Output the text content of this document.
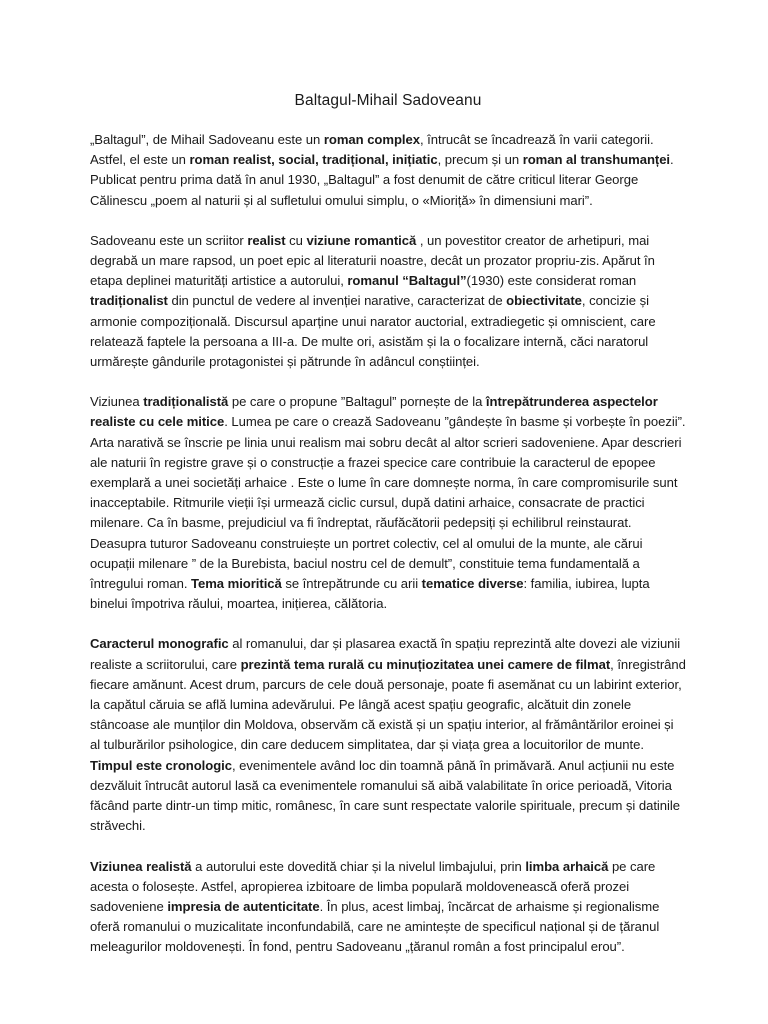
Baltagul-Mihail Sadoveanu

„Baltagul”, de Mihail Sadoveanu este un roman complex, întrucât se încadrează în varii categorii. Astfel, el este un roman realist, social, tradițional, inițiatic, precum și un roman al transhumanței. Publicat pentru prima dată în anul 1930, „Baltagul” a fost denumit de către criticul literar George Călinescu „poem al naturii și al sufletului omului simplu, o «Mioriță» în dimensiuni mari”.

Sadoveanu este un scriitor realist cu viziune romantică , un povestitor creator de arhetipuri, mai degrabă un mare rapsod, un poet epic al literaturii noastre, decât un prozator propriu-zis. Apărut în etapa deplinei maturități artistice a autorului, romanul “Baltagul”(1930) este considerat roman tradiționalist din punctul de vedere al invenției narative, caracterizat de obiectivitate, concizie și armonie compozițională. Discursul aparține unui narator auctorial, extradiegetic și omniscient, care relatează faptele la persoana a III-a. De multe ori, asistăm și la o focalizare internă, căci naratorul urmărește gândurile protagonistei și pătrunde în adâncul conștiinței.

Viziunea tradiționalistă pe care o propune ”Baltagul” pornește de la întrepătrunderea aspectelor realiste cu cele mitice. Lumea pe care o crează Sadoveanu ”gândește în basme și vorbește în poezii”. Arta narativă se înscrie pe linia unui realism mai sobru decât al altor scrieri sadoveniene. Apar descrieri ale naturii în registre grave și o construcție a frazei specice care contribuie la caracterul de epopee exemplară a unei societăți arhaice . Este o lume în care domnește norma, în care compromisurile sunt inacceptabile. Ritmurile vieții își urmează ciclic cursul, după datini arhaice, consacrate de practici milenare. Ca în basme, prejudiciul va fi îndreptat, răufăcătorii pedepsiți și echilibrul reinstaurat. Deasupra tuturor Sadoveanu construiește un portret colectiv, cel al omului de la munte, ale cărui ocupații milenare ” de la Burebista, baciul nostru cel de demult”, constituie tema fundamentală a întregului roman. Tema mioritică se întrepătrunde cu arii tematice diverse: familia, iubirea, lupta binelui împotriva răului, moartea, inițierea, călătoria.

Caracterul monografic al romanului, dar și plasarea exactă în spațiu reprezintă alte dovezi ale viziunii realiste a scriitorului, care prezintă tema rurală cu minuțiozitatea unei camere de filmat, înregistrând fiecare amănunt. Acest drum, parcurs de cele două personaje, poate fi asemănat cu un labirint exterior, la capătul căruia se află lumina adevărului. Pe lângă acest spațiu geografic, alcătuit din zonele stâncoase ale munților din Moldova, observăm că există și un spațiu interior, al frământărilor eroinei și al tulburărilor psihologice, din care deducem simplitatea, dar și viața grea a locuitorilor de munte. Timpul este cronologic, evenimentele având loc din toamnă până în primăvară. Anul acțiunii nu este dezvăluit întrucât autorul lasă ca evenimentele romanului să aibă valabilitate în orice perioadă, Vitoria făcând parte dintr-un timp mitic, românesc, în care sunt respectate valorile spirituale, precum și datinile străvechi.

Viziunea realistă a autorului este dovedită chiar și la nivelul limbajului, prin limba arhaică pe care acesta o folosește. Astfel, apropierea izbitoare de limba populară moldovenească oferă prozei sadoveniene impresia de autenticitate. În plus, acest limbaj, încărcat de arhaisme și regionalisme oferă romanului o muzicalitate inconfundabilă, care ne amintește de specificul național și de țăranul meleagurilor moldovenești. În fond, pentru Sadoveanu „țăranul român a fost principalul erou”.
